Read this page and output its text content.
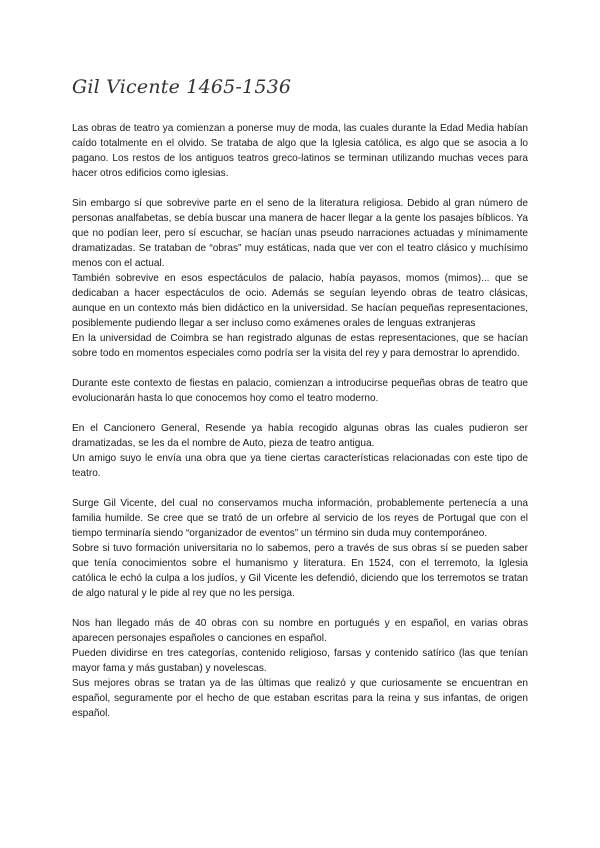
Gil Vicente 1465-1536

Las obras de teatro ya comienzan a ponerse muy de moda, las cuales durante la Edad Media habían caído totalmente en el olvido. Se trataba de algo que la Iglesia católica, es algo que se asocia a lo pagano. Los restos de los antiguos teatros greco-latinos se terminan utilizando muchas veces para hacer otros edificios como iglesias.

Sin embargo sí que sobrevive parte en el seno de la literatura religiosa. Debido al gran número de personas analfabetas, se debía buscar una manera de hacer llegar a la gente los pasajes bíblicos. Ya que no podían leer, pero sí escuchar, se hacían unas pseudo narraciones actuadas y mínimamente dramatizadas. Se trataban de “obras” muy estáticas, nada que ver con el teatro clásico y muchísimo menos con el actual.

También sobrevive en esos espectáculos de palacio, había payasos, momos (mimos)... que se dedicaban a hacer espectáculos de ocio. Además se seguían leyendo obras de teatro clásicas, aunque en un contexto más bien didáctico en la universidad. Se hacían pequeñas representaciones, posiblemente pudiendo llegar a ser incluso como exámenes orales de lenguas extranjeras

En la universidad de Coimbra se han registrado algunas de estas representaciones, que se hacían sobre todo en momentos especiales como podría ser la visita del rey y para demostrar lo aprendido.

Durante este contexto de fiestas en palacio, comienzan a introducirse pequeñas obras de teatro que evolucionarán hasta lo que conocemos hoy como el teatro moderno.

En el Cancionero General, Resende ya había recogido algunas obras las cuales pudieron ser dramatizadas, se les da el nombre de Auto, pieza de teatro antigua.

Un amigo suyo le envía una obra que ya tiene ciertas características relacionadas con este tipo de teatro.

Surge Gil Vicente, del cual no conservamos mucha información, probablemente pertenecía a una familia humilde. Se cree que se trató de un orfebre al servicio de los reyes de Portugal que con el tiempo terminaría siendo “organizador de eventos” un término sin duda muy contemporáneo.

Sobre si tuvo formación universitaria no lo sabemos, pero a través de sus obras sí se pueden saber que tenía conocimientos sobre el humanismo y literatura. En 1524, con el terremoto, la Iglesia católica le echó la culpa a los judíos, y Gil Vicente les defendió, diciendo que los terremotos se tratan de algo natural y le pide al rey que no les persiga.

Nos han llegado más de 40 obras con su nombre en portugués y en español, en varias obras aparecen personajes españoles o canciones en español.

Pueden dividirse en tres categorías, contenido religioso, farsas y contenido satírico (las que tenían mayor fama y más gustaban) y novelescas.

Sus mejores obras se tratan ya de las últimas que realizó y que curiosamente se encuentran en español, seguramente por el hecho de que estaban escritas para la reina y sus infantas, de origen español.
